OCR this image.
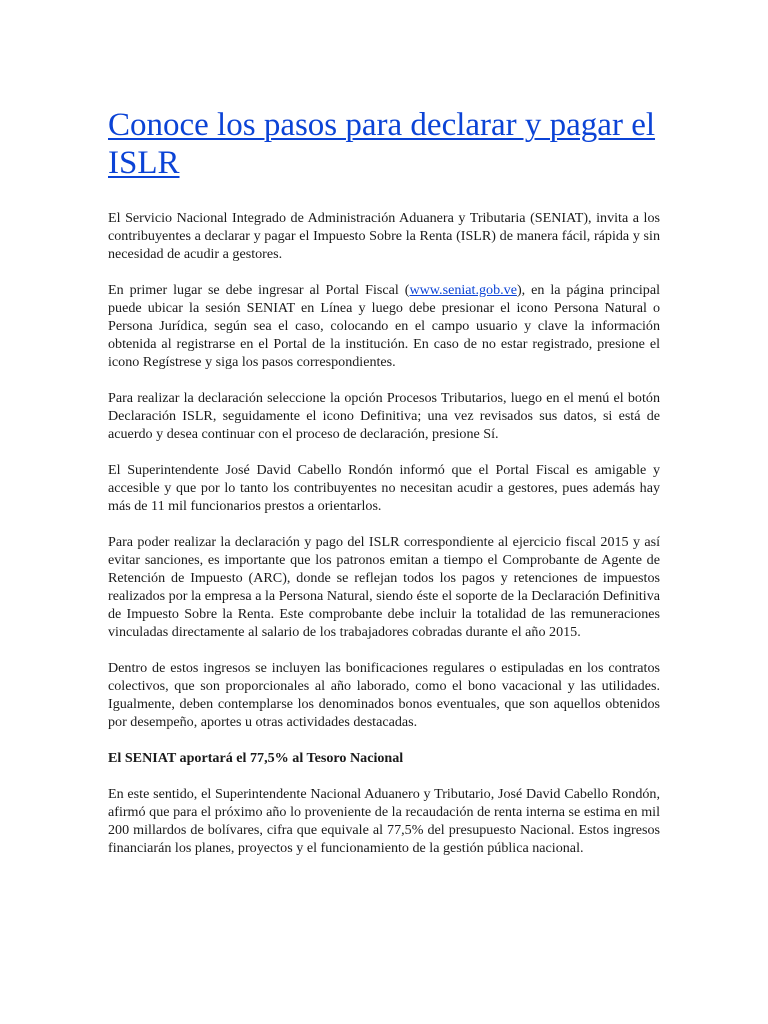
Conoce los pasos para declarar y pagar el ISLR

El Servicio Nacional Integrado de Administración Aduanera y Tributaria (SENIAT), invita a los contribuyentes a declarar y pagar el Impuesto Sobre la Renta (ISLR) de manera fácil, rápida y sin necesidad de acudir a gestores.

En primer lugar se debe ingresar al Portal Fiscal (www.seniat.gob.ve), en la página principal puede ubicar la sesión SENIAT en Línea y luego debe presionar el icono Persona Natural o Persona Jurídica, según sea el caso, colocando en el campo usuario y clave la información obtenida al registrarse en el Portal de la institución. En caso de no estar registrado, presione el icono Regístrese y siga los pasos correspondientes.

Para realizar la declaración seleccione la opción Procesos Tributarios, luego en el menú el botón Declaración ISLR, seguidamente el icono Definitiva; una vez revisados sus datos, si está de acuerdo y desea continuar con el proceso de declaración, presione Sí.

El Superintendente José David Cabello Rondón informó que el Portal Fiscal es amigable y accesible y que por lo tanto los contribuyentes no necesitan acudir a gestores, pues además hay más de 11 mil funcionarios prestos a orientarlos.

Para poder realizar la declaración y pago del ISLR correspondiente al ejercicio fiscal 2015 y así evitar sanciones, es importante que los patronos emitan a tiempo el Comprobante de Agente de Retención de Impuesto (ARC), donde se reflejan todos los pagos y retenciones de impuestos realizados por la empresa a la Persona Natural, siendo éste el soporte de la Declaración Definitiva de Impuesto Sobre la Renta. Este comprobante debe incluir la totalidad de las remuneraciones vinculadas directamente al salario de los trabajadores cobradas durante el año 2015.

Dentro de estos ingresos se incluyen las bonificaciones regulares o estipuladas en los contratos colectivos, que son proporcionales al año laborado, como el bono vacacional y las utilidades. Igualmente, deben contemplarse los denominados bonos eventuales, que son aquellos obtenidos por desempeño, aportes u otras actividades destacadas.

El SENIAT aportará el 77,5% al Tesoro Nacional

En este sentido, el Superintendente Nacional Aduanero y Tributario, José David Cabello Rondón, afirmó que para el próximo año lo proveniente de la recaudación de renta interna se estima en mil 200 millardos de bolívares, cifra que equivale al 77,5% del presupuesto Nacional. Estos ingresos financiarán los planes, proyectos y el funcionamiento de la gestión pública nacional.
